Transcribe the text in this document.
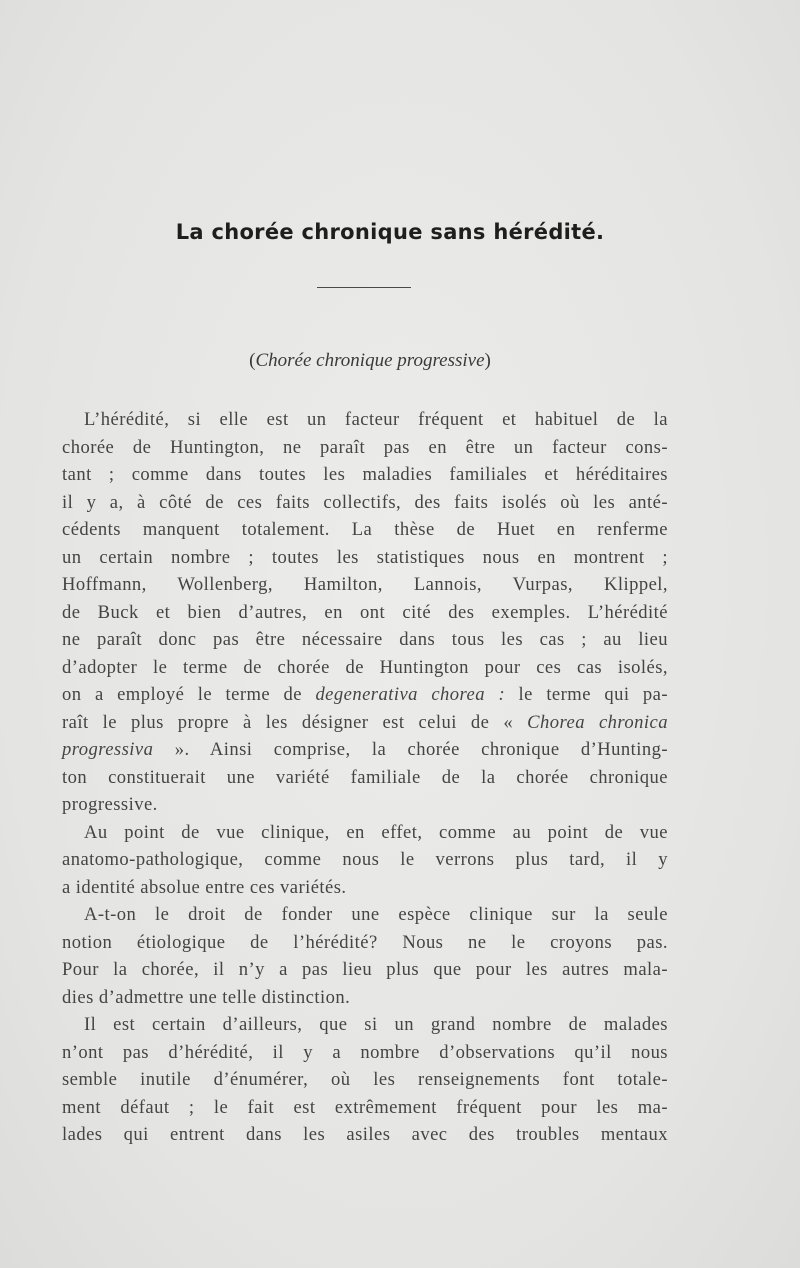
La chorée chronique sans hérédité.
(Chorée chronique progressive)
L’hérédité, si elle est un facteur fréquent et habituel de la
chorée de Huntington, ne paraît pas en être un facteur cons-
tant ; comme dans toutes les maladies familiales et héréditaires
il y a, à côté de ces faits collectifs, des faits isolés où les anté-
cédents manquent totalement. La thèse de Huet en renferme
un certain nombre ; toutes les statistiques nous en montrent ;
Hoffmann, Wollenberg, Hamilton, Lannois, Vurpas, Klippel,
de Buck et bien d’autres, en ont cité des exemples. L’hérédité
ne paraît donc pas être nécessaire dans tous les cas ; au lieu
d’adopter le terme de chorée de Huntington pour ces cas isolés,
on a employé le terme de degenerativa chorea : le terme qui pa-
raît le plus propre à les désigner est celui de « Chorea chronica
progressiva ». Ainsi comprise, la chorée chronique d’Hunting-
ton constituerait une variété familiale de la chorée chronique
progressive.
Au point de vue clinique, en effet, comme au point de vue
anatomo-pathologique, comme nous le verrons plus tard, il y
a identité absolue entre ces variétés.
A-t-on le droit de fonder une espèce clinique sur la seule
notion étiologique de l’hérédité? Nous ne le croyons pas.
Pour la chorée, il n’y a pas lieu plus que pour les autres mala-
dies d’admettre une telle distinction.
Il est certain d’ailleurs, que si un grand nombre de malades
n’ont pas d’hérédité, il y a nombre d’observations qu’il nous
semble inutile d’énumérer, où les renseignements font totale-
ment défaut ; le fait est extrêmement fréquent pour les ma-
lades qui entrent dans les asiles avec des troubles mentaux
